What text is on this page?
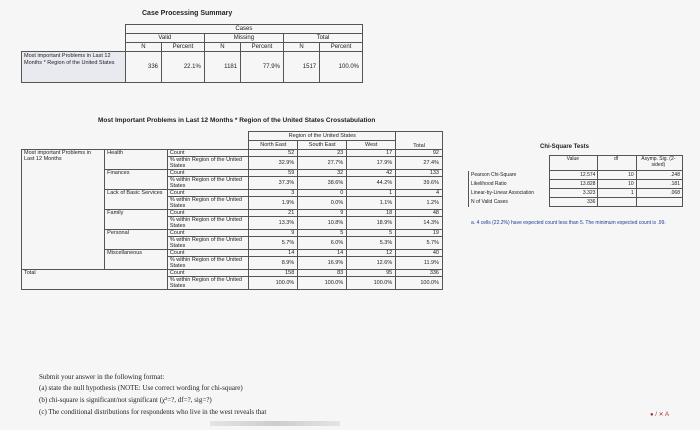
Case Processing Summary
	Cases					
	Valid		Missing		Total	
	N	Percent	N	Percent	N	Percent
Most important Problems in Last 12 Months * Region of the United States	336	22.1%	1181	77.9%	1517	100.0%
Most Important Problems in Last 12 Months * Region of the United States Crosstabulation
			Region of the United States			Total
			North East	South East	West	
Most important Problems in Last 12 Months	Health	Count	52	23	17	92
		% within Region of the United States	32.9%	27.7%	17.9%	27.4%
	Finances	Count	59	32	42	133
		% within Region of the United States	37.3%	38.6%	44.2%	39.6%
	Lack of Basic Services	Count	3	0	1	4
		% within Region of the United States	1.9%	0.0%	1.1%	1.2%
	Family	Count	21	9	18	48
		% within Region of the United States	13.3%	10.8%	18.9%	14.3%
	Personal	Count	9	5	5	19
		% within Region of the United States	5.7%	6.0%	5.3%	5.7%
	Miscellaneous	Count	14	14	12	40
		% within Region of the United States	8.9%	16.9%	12.6%	11.9%
Total		Count	158	83	95	336
		% within Region of the United States	100.0%	100.0%	100.0%	100.0%
Chi-Square Tests
	Value	df	Asymp. Sig. (2-sided)
Pearson Chi-Square	12.574	10	.248
Likelihood Ratio	13.828	10	.181
Linear-by-Linear Association	3.323	1	.068
N of Valid Cases	336		
a. 4 cells (22.2%) have expected count less than 5. The minimum expected count is .99.
Submit your answer in the following format:
(a) state the null hypothesis (NOTE: Use correct wording for chi-square)
(b) chi-square is significant/not significant (χ²=?, df=?, sig=?)
(c) The conditional distributions for respondents who live in the west reveals that	● / ✕ A
